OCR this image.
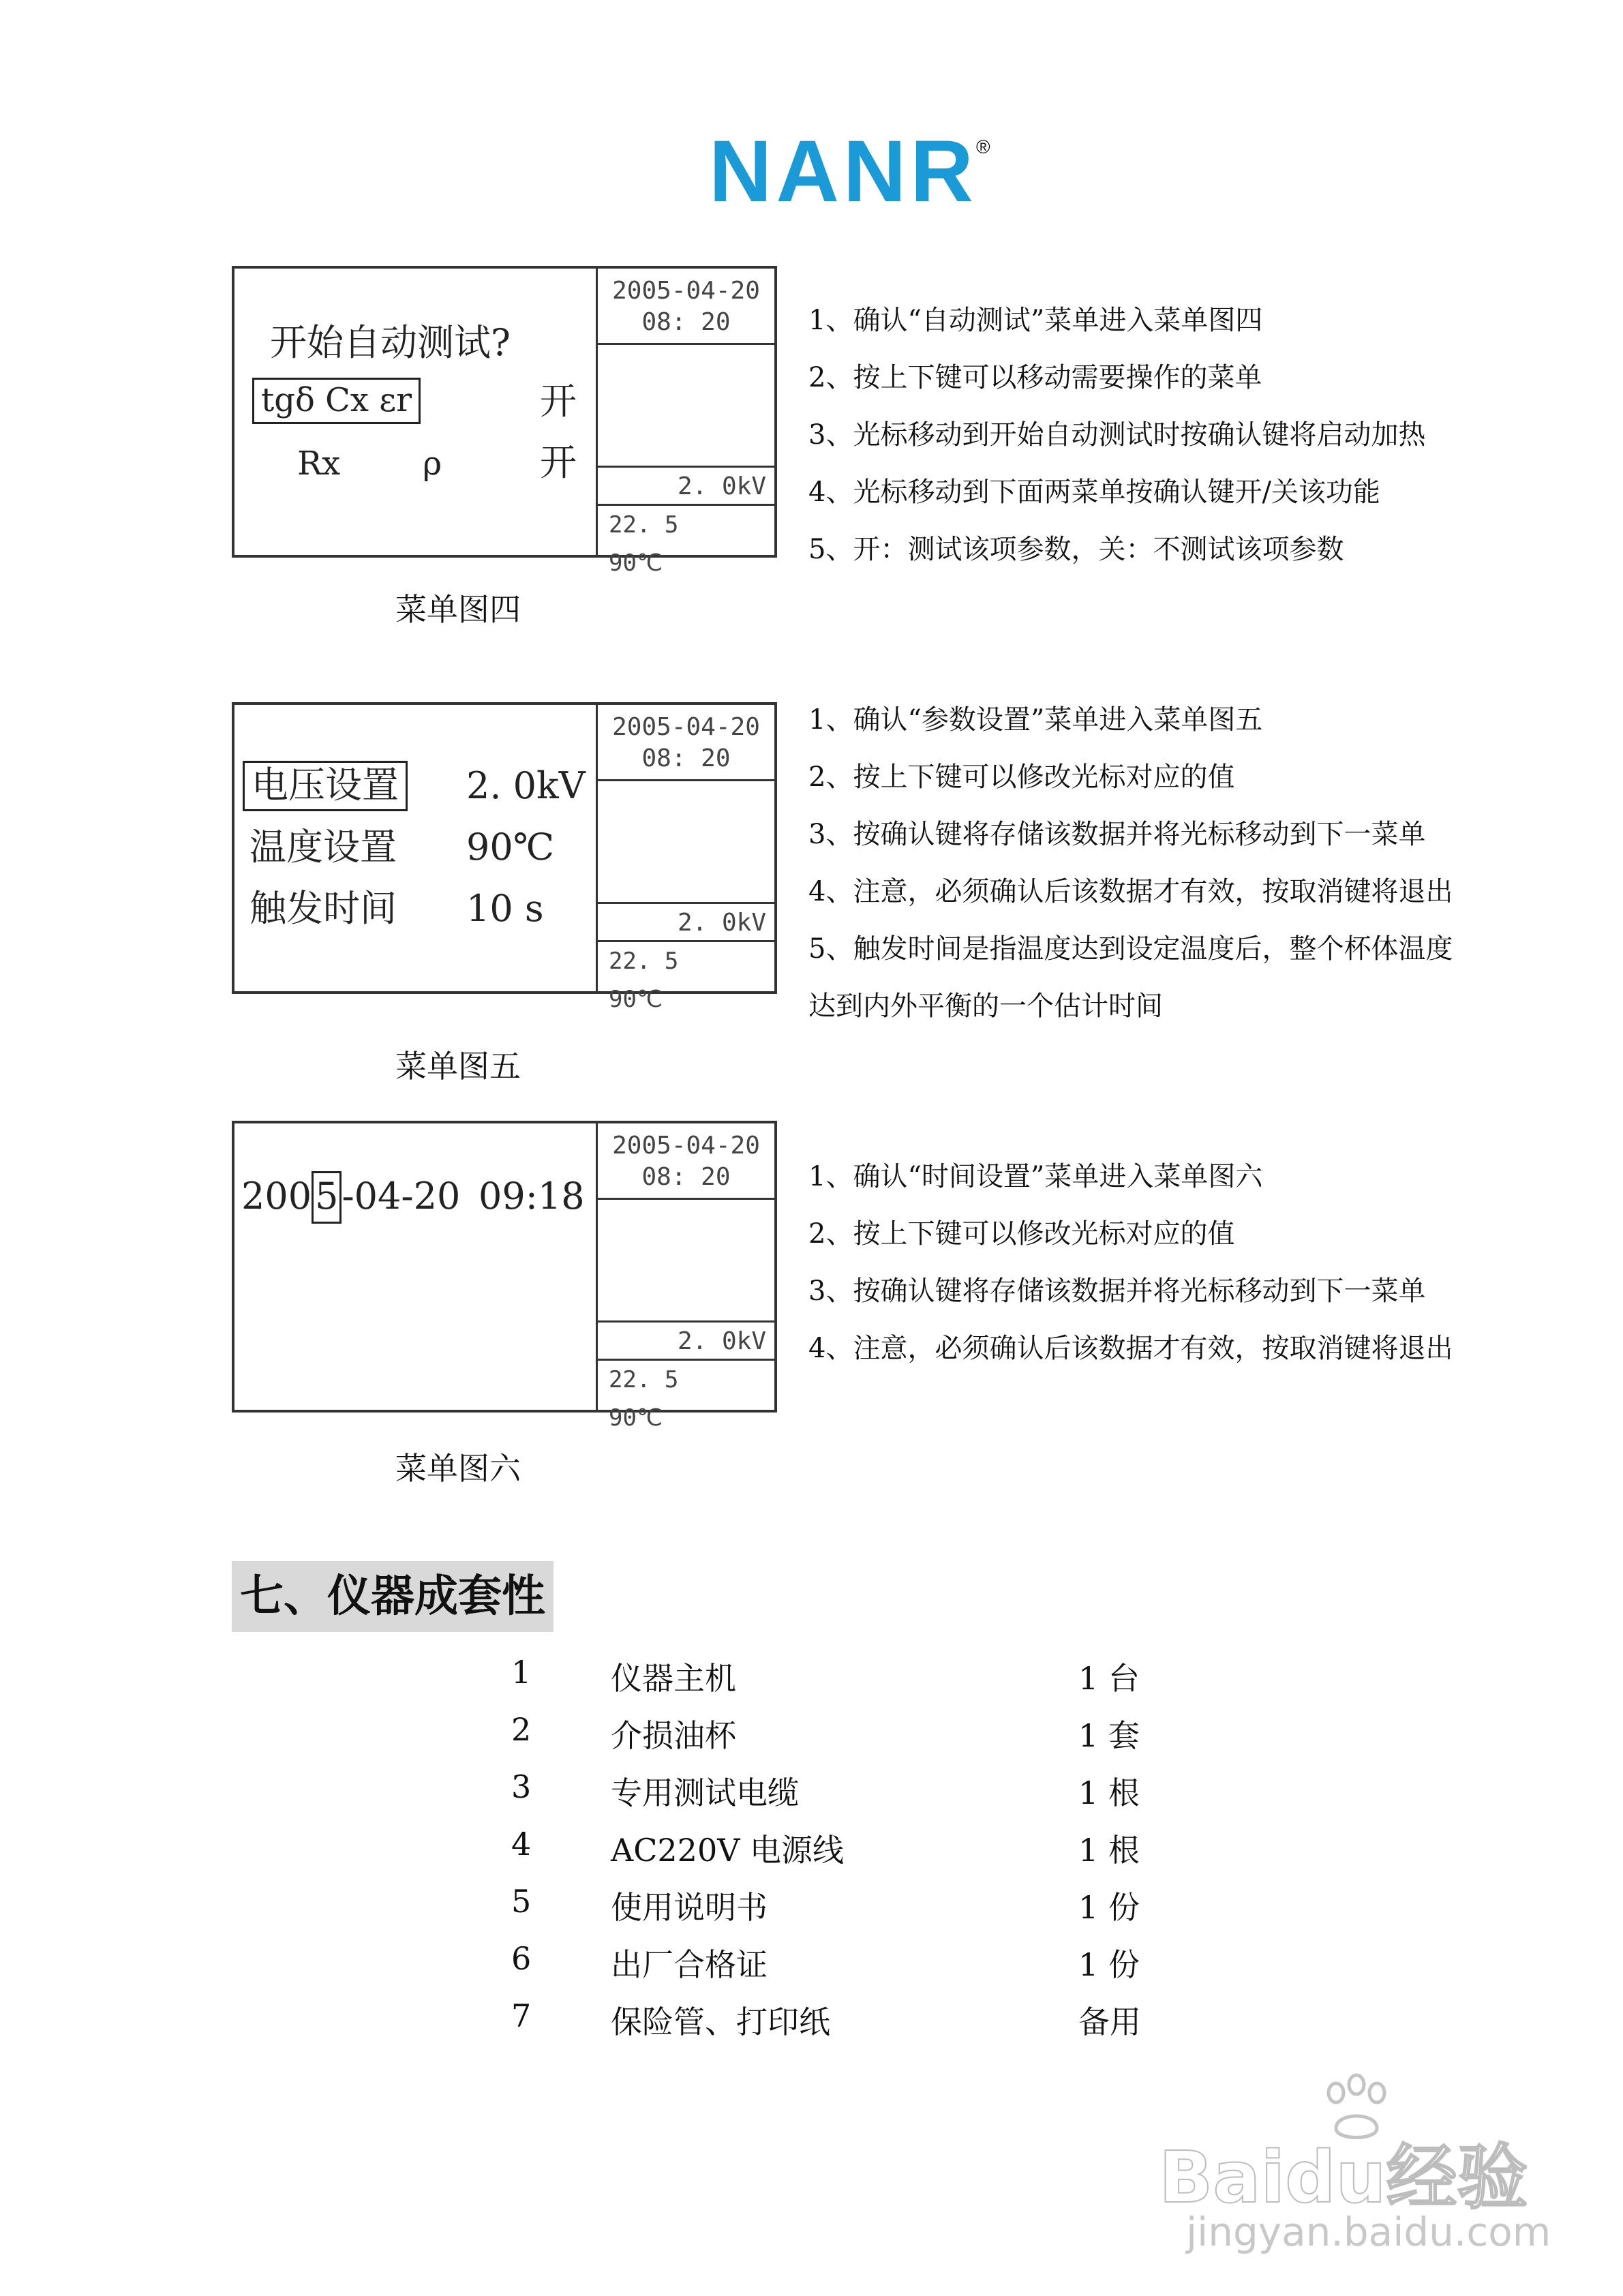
NANR
®
开始自动测试?
tgδ Cx εr	开
Rx	ρ	开
2005-04-20
08: 20
2. 0kV
22. 590℃
菜单图四
1、确认“自动测试”菜单进入菜单图四
2、按上下键可以移动需要操作的菜单
3、光标移动到开始自动测试时按确认键将启动加热
4、光标移动到下面两菜单按确认键开/关该功能
5、开：测试该项参数，关：不测试该项参数
电压设置 2. 0kV
温度设置 90℃
触发时间 10 s
2005-04-20
08: 20
2. 0kV
22. 590℃
菜单图五
1、确认“参数设置”菜单进入菜单图五
2、按上下键可以修改光标对应的值
3、按确认键将存储该数据并将光标移动到下一菜单
4、注意，必须确认后该数据才有效，按取消键将退出
5、触发时间是指温度达到设定温度后，整个杯体温度
达到内外平衡的一个估计时间
2005-04-20 09:18
2005-04-20
08: 20
2. 0kV
22. 590℃
菜单图六
1、确认“时间设置”菜单进入菜单图六
2、按上下键可以修改光标对应的值
3、按确认键将存储该数据并将光标移动到下一菜单
4、注意，必须确认后该数据才有效，按取消键将退出
七、仪器成套性
1	仪器主机	1 台
2	介损油杯	1 套
3	专用测试电缆	1 根
4	AC220V 电源线	1 根
5	使用说明书	1 份
6	出厂合格证	1 份
7	保险管、打印纸	备用
Baidu经验
jingyan.baidu.com
